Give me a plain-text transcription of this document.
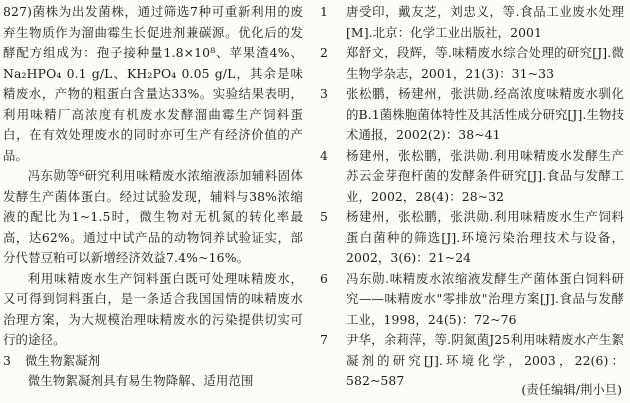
827)菌株为出发菌株，通过筛选7种可重新利用的废弃生物质作为溜曲霉生长促进剂兼碳源。优化后的发酵配方组成为：孢子接种量1.8×10⁸、苹果渣4%、Na₂HPO₄ 0.1 g/L、KH₂PO₄ 0.05 g/L，其余是味精废水，产物的粗蛋白含量达33%。实验结果表明，利用味精厂高浓度有机废水发酵溜曲霉生产饲料蛋白，在有效处理废水的同时亦可生产有经济价值的产品。

冯东勋等⁶研究利用味精废水浓缩液添加辅料固体发酵生产菌体蛋白。经过试验发现，辅料与38%浓缩液的配比为1~1.5时，微生物对无机氮的转化率最高，达62%。通过中试产品的动物饲养试验证实，部分代替豆粕可以新增经济效益7.4%~16%。

利用味精废水生产饲料蛋白既可处理味精废水，又可得到饲料蛋白，是一条适合我国国情的味精废水治理方案，为大规模治理味精废水的污染提供切实可行的途径。

3 微生物絮凝剂

微生物絮凝剂具有易生物降解、适用范围

1	唐受印，戴友芝，刘忠义，等.食品工业废水处理[M].北京：化学工业出版社，2001
2	郑舒文，段辉，等.味精废水综合处理的研究[J].微生物学杂志，2001，21(3)：31~33
3	张松鹏，杨建州，张洪勋.经高浓度味精废水驯化的B.1菌株胞菌体特性及其活性成分研究[J].生物技术通报，2002(2)：38~41
4	杨建州，张松鹏，张洪勋.利用味精废水发酵生产苏云金芽孢杆菌的发酵条件研究[J].食品与发酵工业，2002，28(4)：28~32
5	杨建州，张松鹏，张洪勋.利用味精废水生产饲料蛋白菌种的筛选[J].环境污染治理技术与设备，2002，3(6)：21~24
6	冯东勋.味精废水浓缩液发酵生产菌体蛋白饲料研究——味精废水"零排放"治理方案[J].食品与发酵工业，1998，24(5)：72~76
7	尹华，余莉萍，等.阴氮菌J25利用味精废水产生絮凝剂的研究[J].环境化学，2003，22(6)：582~587
(责任编辑/荆小旦)
